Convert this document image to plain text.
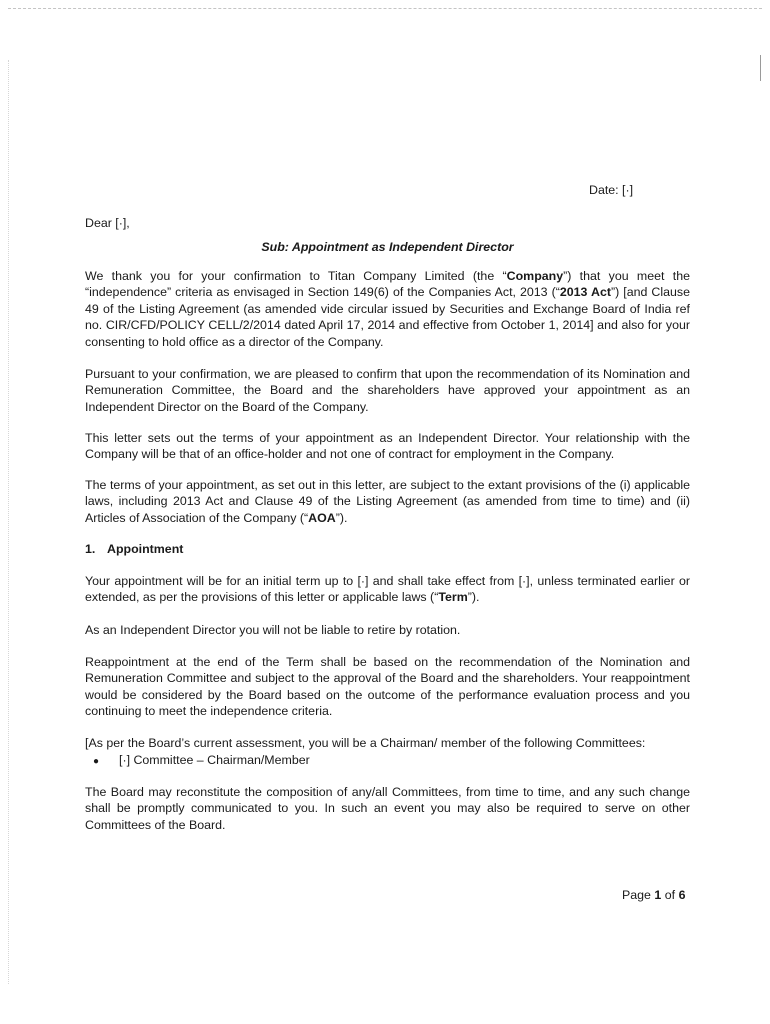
Date: [·]
Dear [·],
Sub: Appointment as Independent Director

We thank you for your confirmation to Titan Company Limited (the “Company”) that you meet the “independence” criteria as envisaged in Section 149(6) of the Companies Act, 2013 (“2013 Act”) [and Clause 49 of the Listing Agreement (as amended vide circular issued by Securities and Exchange Board of India ref no. CIR/CFD/POLICY CELL/2/2014 dated April 17, 2014 and effective from October 1, 2014] and also for your consenting to hold office as a director of the Company.

Pursuant to your confirmation, we are pleased to confirm that upon the recommendation of its Nomination and Remuneration Committee, the Board and the shareholders have approved your appointment as an Independent Director on the Board of the Company.

This letter sets out the terms of your appointment as an Independent Director. Your relationship with the Company will be that of an office-holder and not one of contract for employment in the Company.

The terms of your appointment, as set out in this letter, are subject to the extant provisions of the (i) applicable laws, including 2013 Act and Clause 49 of the Listing Agreement (as amended from time to time) and (ii) Articles of Association of the Company (“AOA”).

1. Appointment

Your appointment will be for an initial term up to [·] and shall take effect from [·], unless terminated earlier or extended, as per the provisions of this letter or applicable laws (“Term”).

As an Independent Director you will not be liable to retire by rotation.

Reappointment at the end of the Term shall be based on the recommendation of the Nomination and Remuneration Committee and subject to the approval of the Board and the shareholders. Your reappointment would be considered by the Board based on the outcome of the performance evaluation process and you continuing to meet the independence criteria.

[As per the Board’s current assessment, you will be a Chairman/ member of the following Committees:

● [·] Committee – Chairman/Member

The Board may reconstitute the composition of any/all Committees, from time to time, and any such change shall be promptly communicated to you. In such an event you may also be required to serve on other Committees of the Board.

Page 1 of 6
